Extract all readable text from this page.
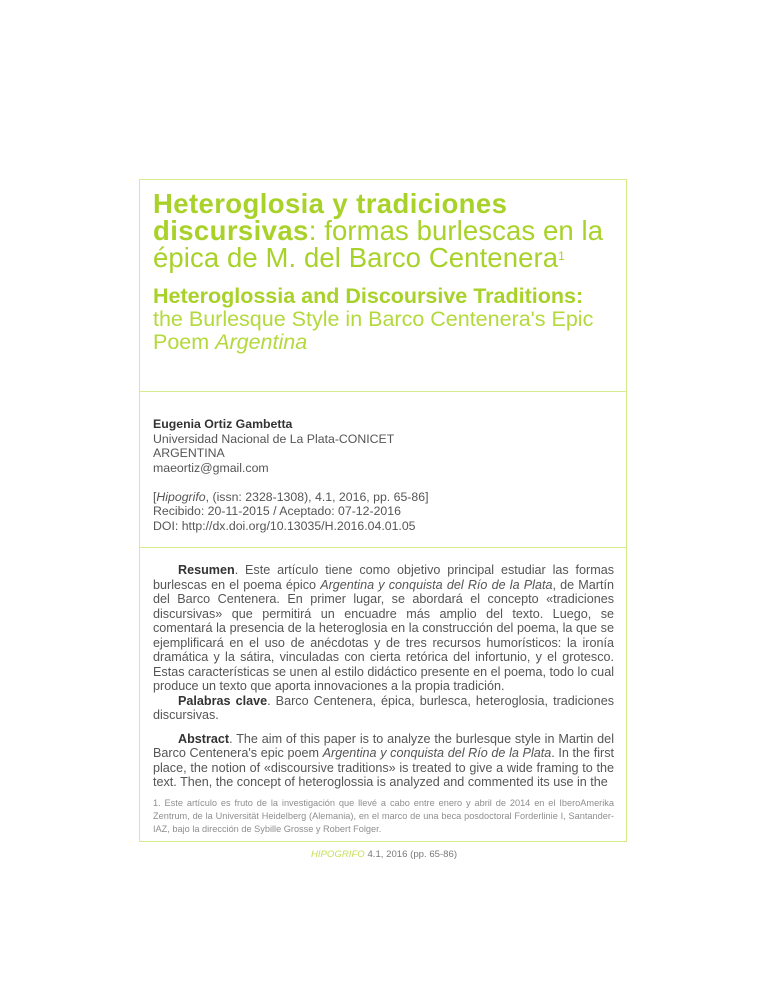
Heteroglosia y tradiciones discursivas: formas burlescas en la épica de M. del Barco Centenera$^1$
Heteroglossia and Discoursive Traditions: the Burlesque Style in Barco Centenera's Epic Poem Argentina

Eugenia Ortiz Gambetta

Universidad Nacional de La Plata-CONICET

ARGENTINA

maeortiz@gmail.com

[Hipogrifo, (issn: 2328-1308), 4.1, 2016, pp. 65-86]

Recibido: 20-11-2015 / Aceptado: 07-12-2016

DOI: http://dx.doi.org/10.13035/H.2016.04.01.05

Resumen. Este artículo tiene como objetivo principal estudiar las formas burlescas en el poema épico Argentina y conquista del Río de la Plata, de Martín del Barco Centenera. En primer lugar, se abordará el concepto «tradiciones discursivas» que permitirá un encuadre más amplio del texto. Luego, se comentará la presencia de la heteroglosia en la construcción del poema, la que se ejemplificará en el uso de anécdotas y de tres recursos humorísticos: la ironía dramática y la sátira, vinculadas con cierta retórica del infortunio, y el grotesco. Estas características se unen al estilo didáctico presente en el poema, todo lo cual produce un texto que aporta innovaciones a la propia tradición.

Palabras clave. Barco Centenera, épica, burlesca, heteroglosia, tradiciones discursivas.

Abstract. The aim of this paper is to analyze the burlesque style in Martin del Barco Centenera's epic poem Argentina y conquista del Río de la Plata. In the first place, the notion of «discoursive traditions» is treated to give a wide framing to the text. Then, the concept of heteroglossia is analyzed and commented its use in the

1. Este artículo es fruto de la investigación que llevé a cabo entre enero y abril de 2014 en el IberoAmerika Zentrum, de la Universität Heidelberg (Alemania), en el marco de una beca posdoctoral Forderlinie I, Santander-IAZ, bajo la dirección de Sybille Grosse y Robert Folger.
HIPOGRIFO 4.1, 2016 (pp. 65-86)
